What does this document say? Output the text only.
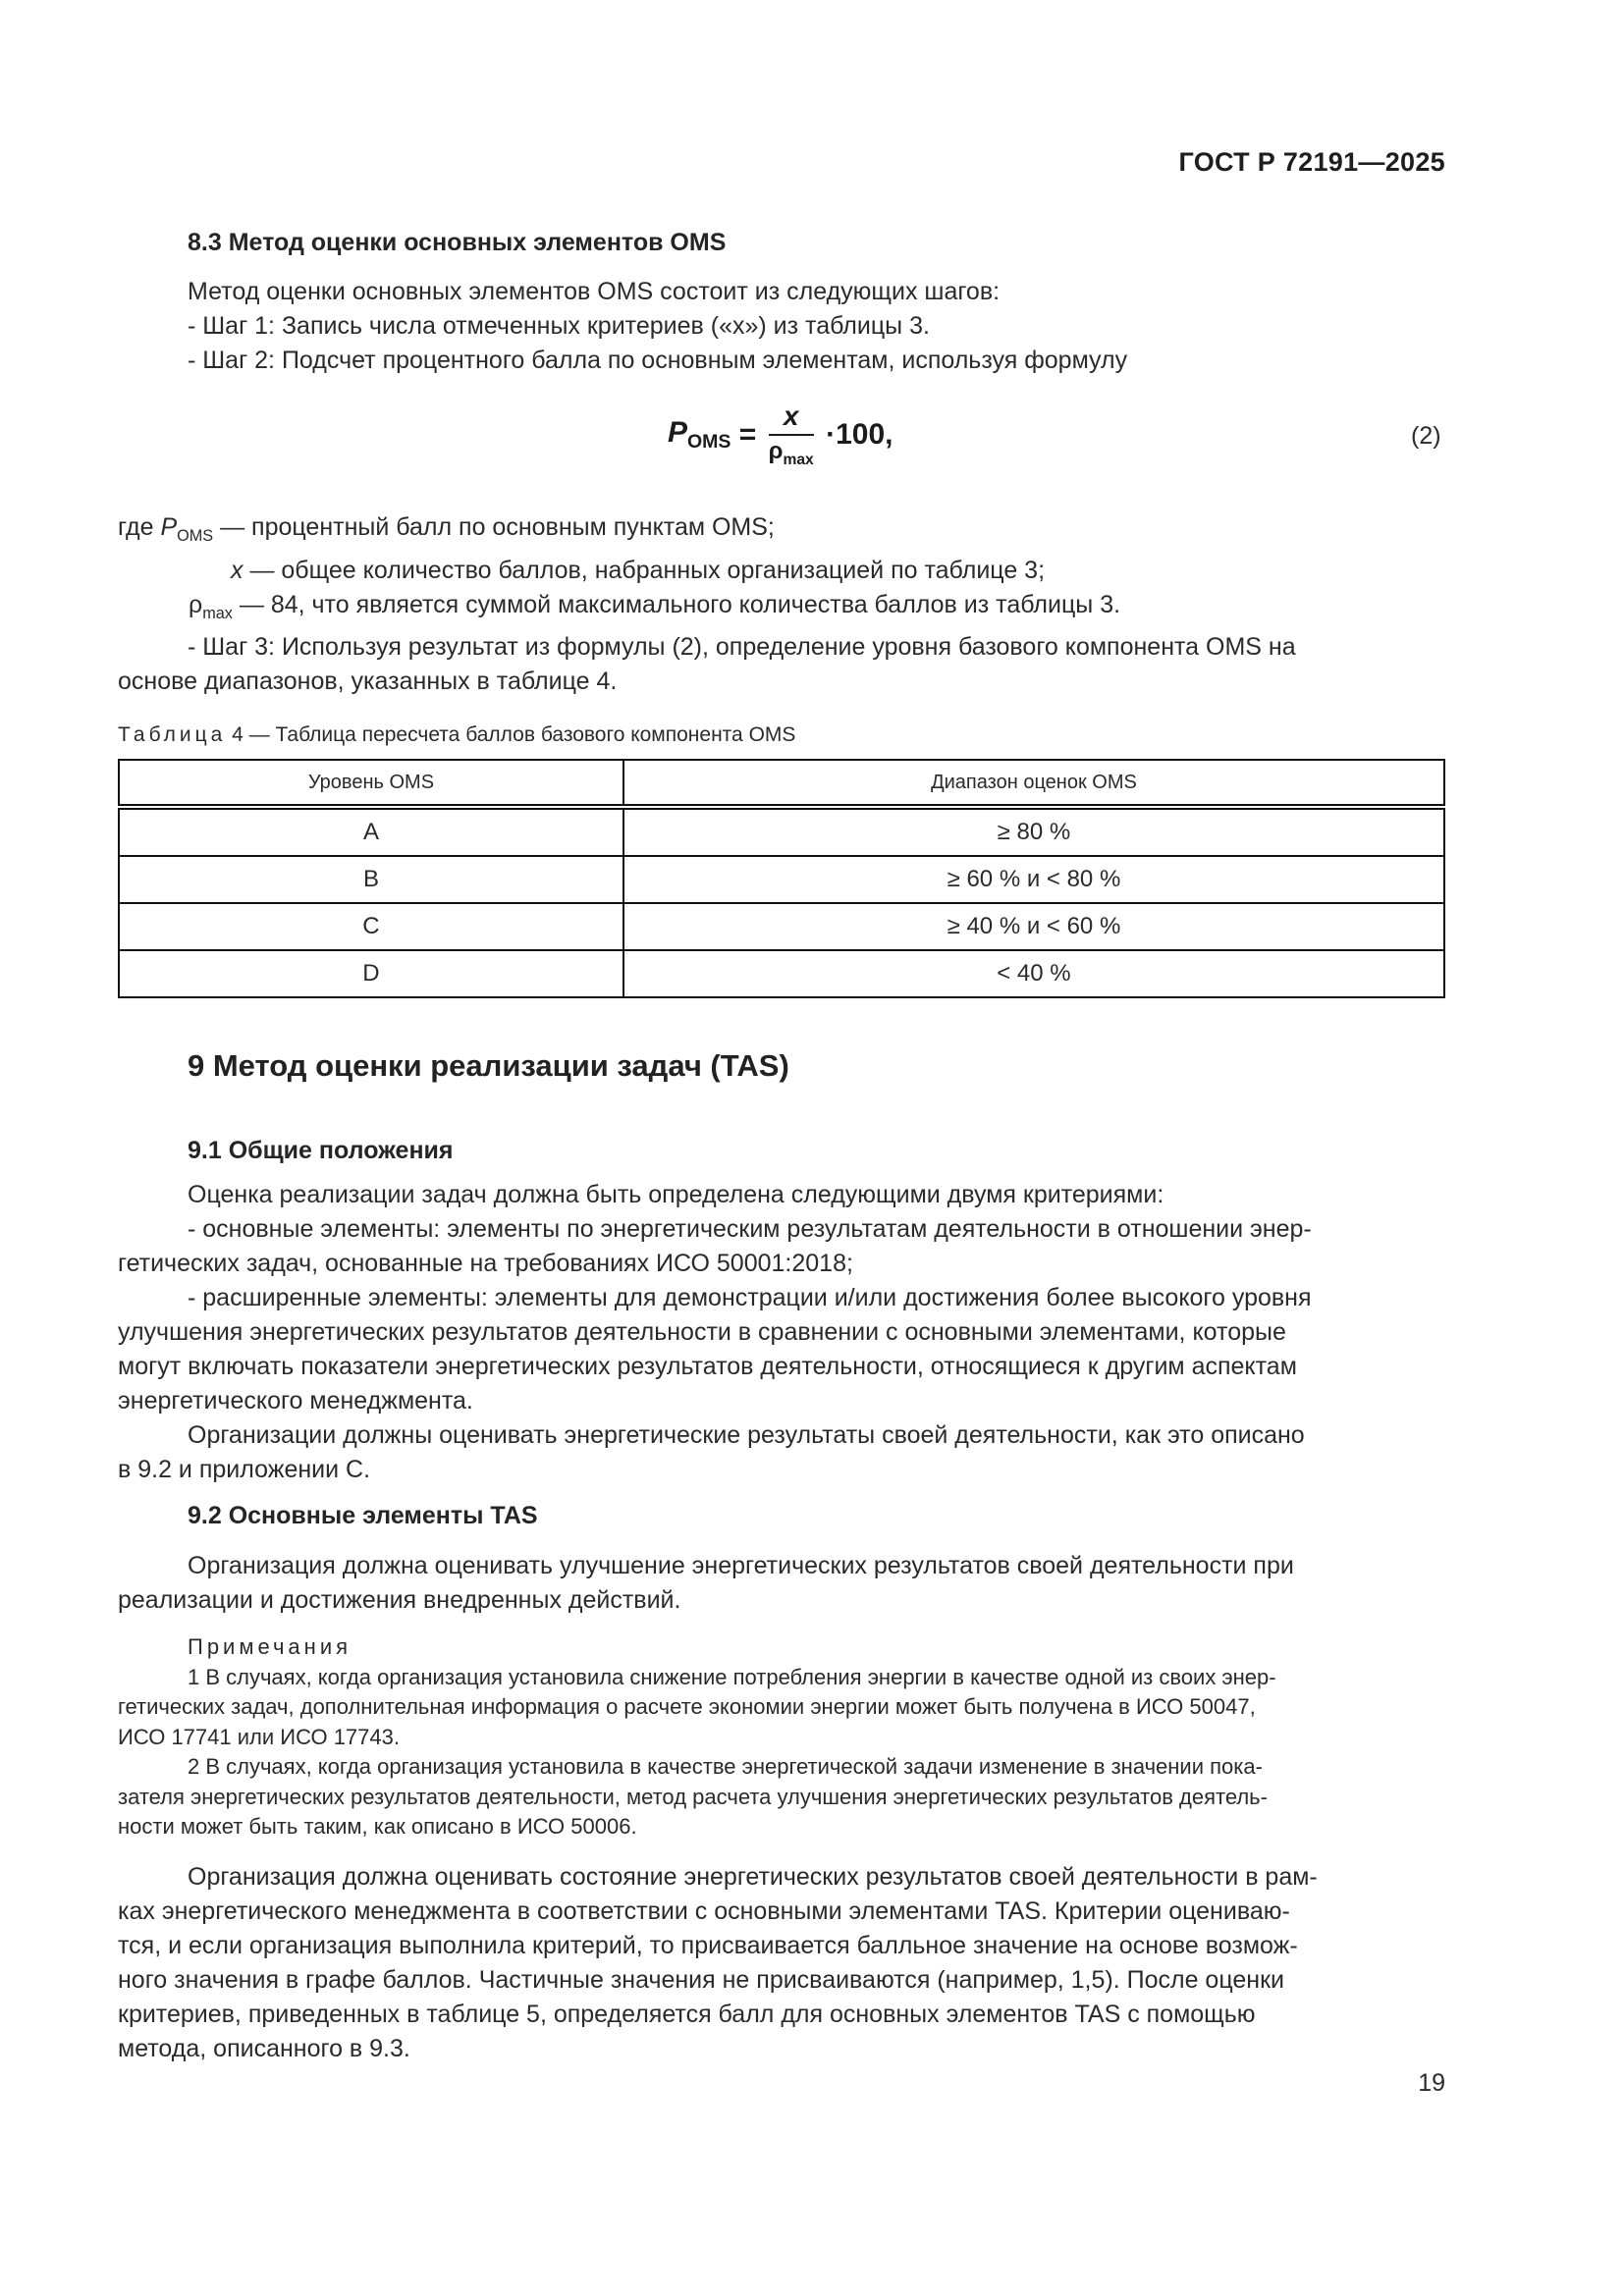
ГОСТ Р 72191—2025
8.3 Метод оценки основных элементов OMS
Метод оценки основных элементов OMS состоит из следующих шагов:
- Шаг 1: Запись числа отмеченных критериев («x») из таблицы 3.
- Шаг 2: Подсчет процентного балла по основным элементам, используя формулу
$P_{OMS} = \frac{x}{\rho_{max}} \cdot 100$,	(2)
где $P_{OMS}$ — процентный балл по основным пунктам OMS;
x — общее количество баллов, набранных организацией по таблице 3;
$\rho_{max}$ — 84, что является суммой максимального количества баллов из таблицы 3.
- Шаг 3: Используя результат из формулы (2), определение уровня базового компонента OMS на
основе диапазонов, указанных в таблице 4.
Таблица 4 — Таблица пересчета баллов базового компонента OMS
Уровень OMS	Диапазон оценок OMS
A	≥ 80 %
B	≥ 60 % и < 80 %
C	≥ 40 % и < 60 %
D	< 40 %
9 Метод оценки реализации задач (TAS)
9.1 Общие положения
Оценка реализации задач должна быть определена следующими двумя критериями:
- основные элементы: элементы по энергетическим результатам деятельности в отношении энер-
гетических задач, основанные на требованиях ИСО 50001:2018;
- расширенные элементы: элементы для демонстрации и/или достижения более высокого уровня
улучшения энергетических результатов деятельности в сравнении с основными элементами, которые
могут включать показатели энергетических результатов деятельности, относящиеся к другим аспектам
энергетического менеджмента.
Организации должны оценивать энергетические результаты своей деятельности, как это описано
в 9.2 и приложении C.
9.2 Основные элементы TAS
Организация должна оценивать улучшение энергетических результатов своей деятельности при
реализации и достижения внедренных действий.
Примечания
1 В случаях, когда организация установила снижение потребления энергии в качестве одной из своих энер-
гетических задач, дополнительная информация о расчете экономии энергии может быть получена в ИСО 50047,
ИСО 17741 или ИСО 17743.
2 В случаях, когда организация установила в качестве энергетической задачи изменение в значении пока-
зателя энергетических результатов деятельности, метод расчета улучшения энергетических результатов деятель-
ности может быть таким, как описано в ИСО 50006.
Организация должна оценивать состояние энергетических результатов своей деятельности в рам-
ках энергетического менеджмента в соответствии с основными элементами TAS. Критерии оцениваю-
тся, и если организация выполнила критерий, то присваивается балльное значение на основе возмож-
ного значения в графе баллов. Частичные значения не присваиваются (например, 1,5). После оценки
критериев, приведенных в таблице 5, определяется балл для основных элементов TAS с помощью
метода, описанного в 9.3.
19
